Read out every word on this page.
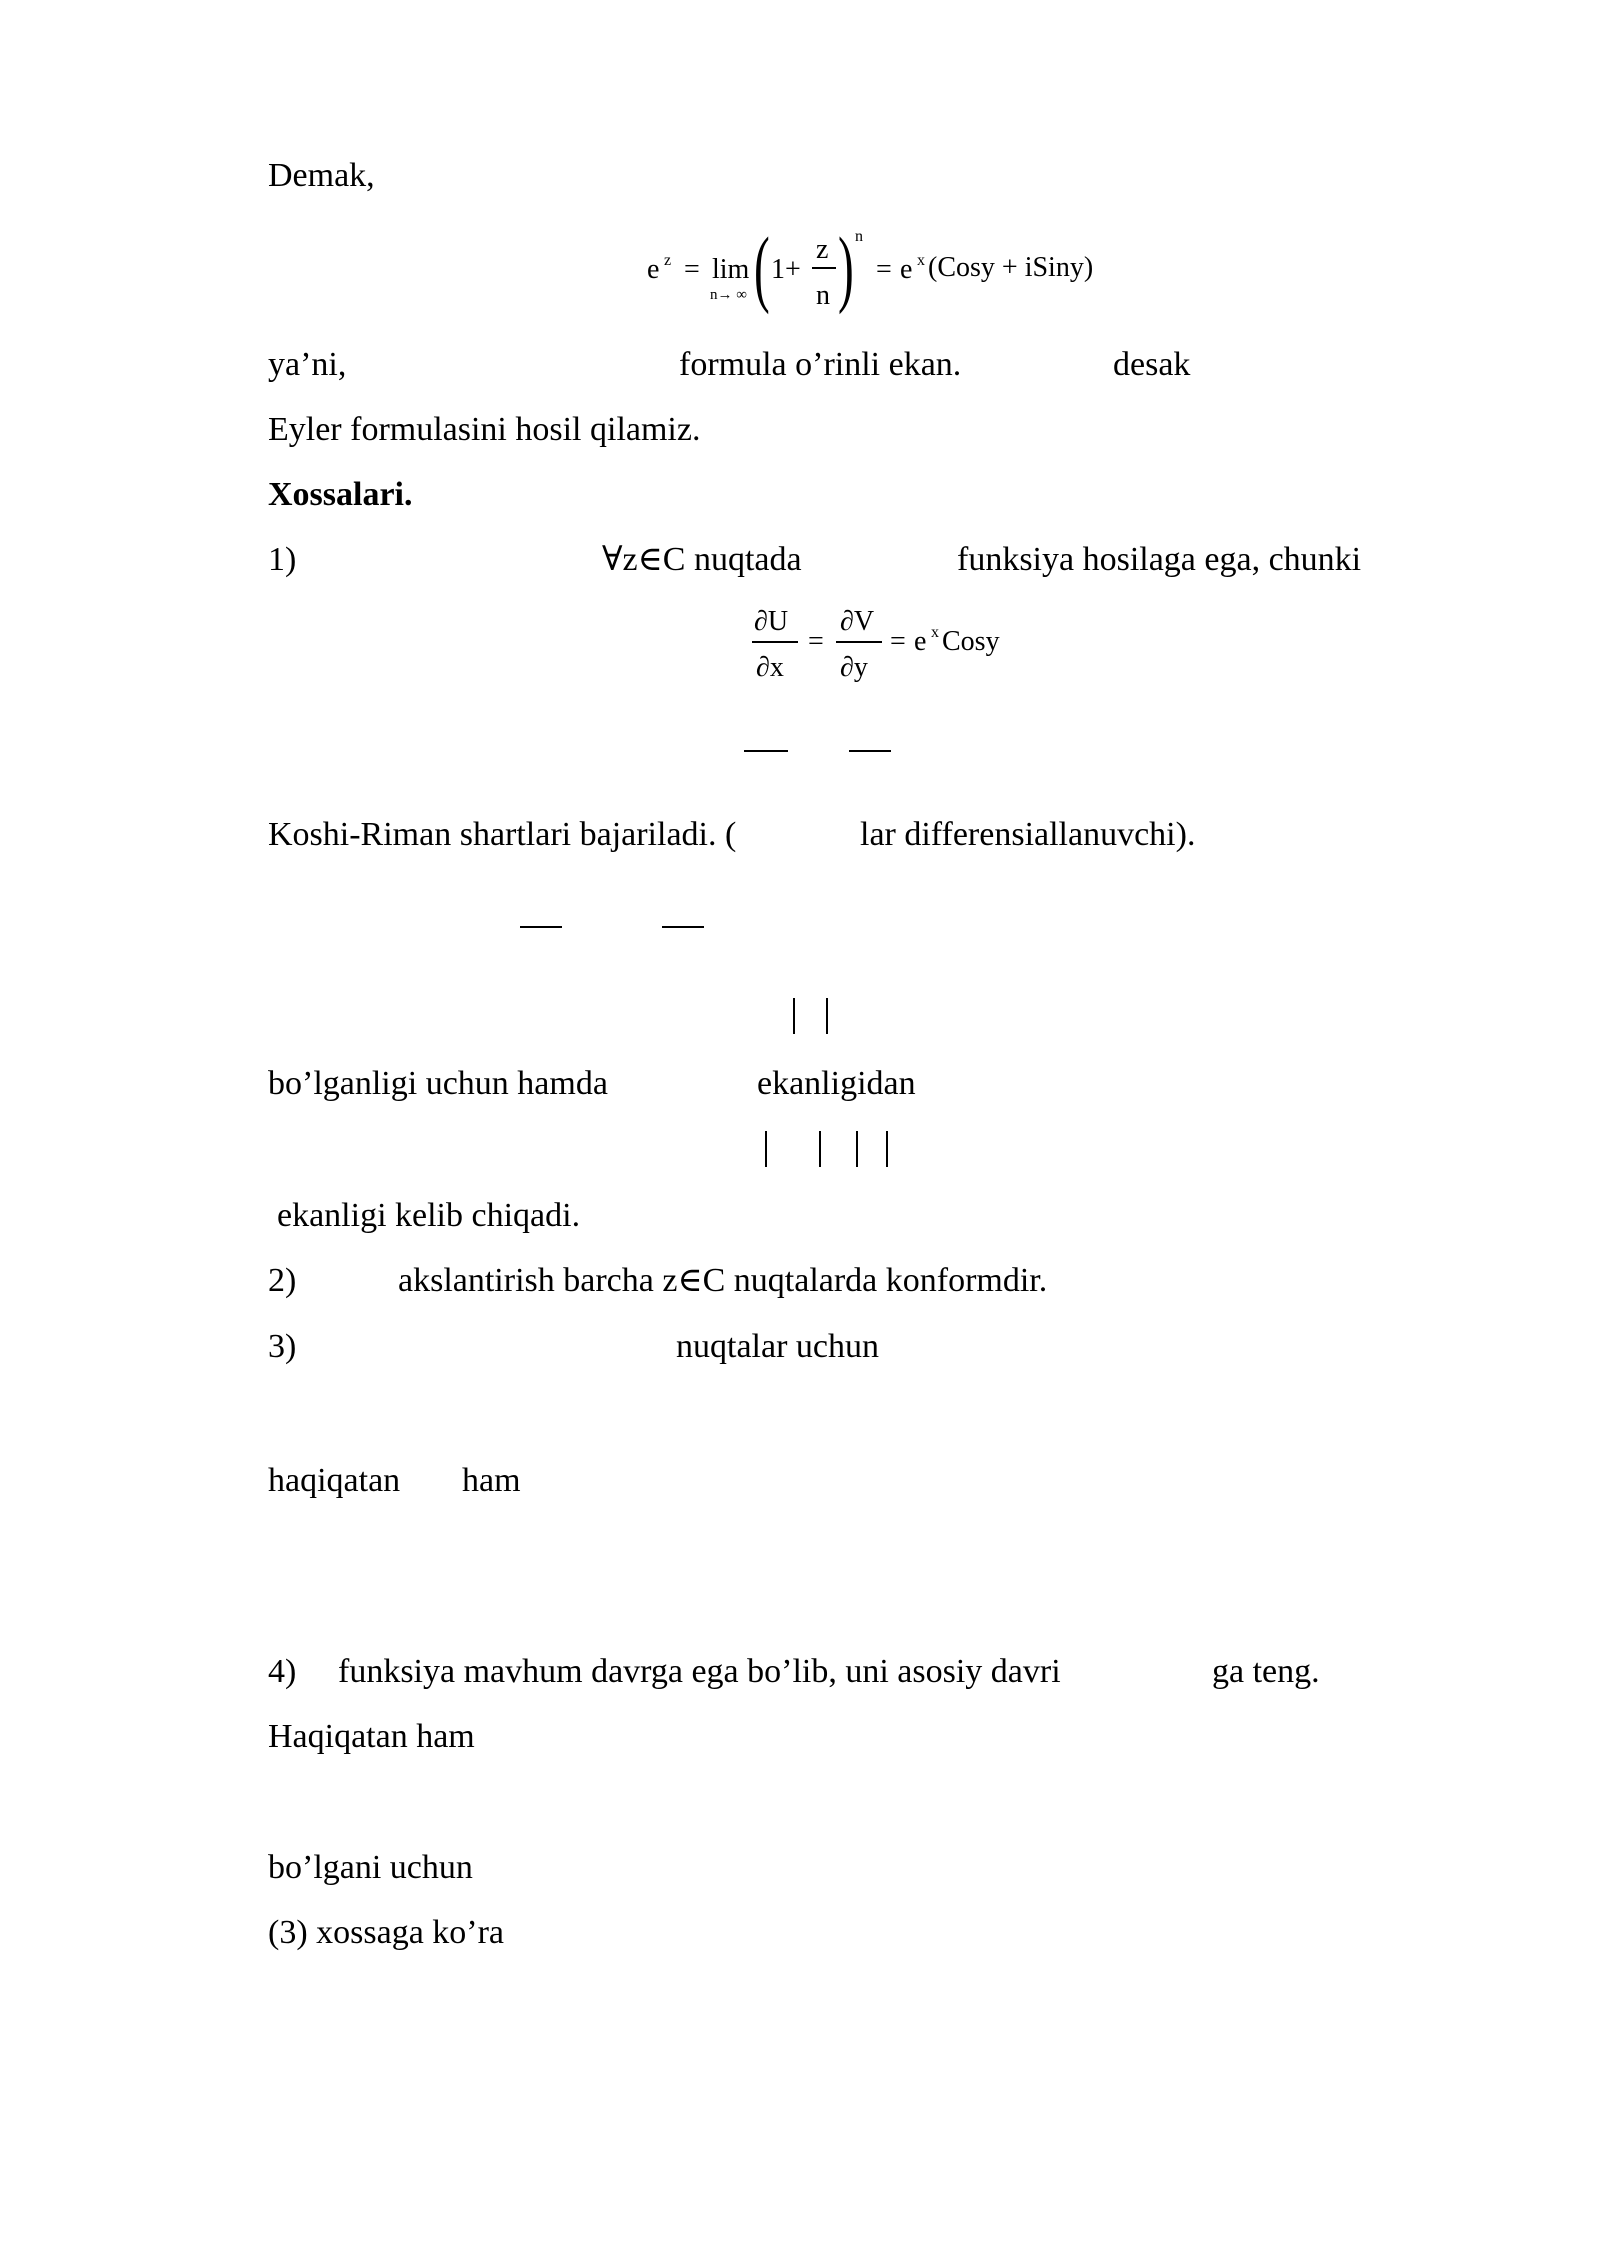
Demak,
e z = lim
n→ ∞ ( 1+
z
n ) n
= e x (Cosy + iSiny)
ya’ni,	formula o’rinli ekan.	desak
Eyler formulasini hosil qilamiz.
Xossalari.
1)	∀z∈C nuqtada	funksiya hosilaga ega, chunki
∂U
∂x
=
∂V
∂y
= e x Cosy
Koshi-Riman shartlari bajariladi. (	lar differensiallanuvchi).
bo’lganligi uchun hamda	ekanligidan
ekanligi kelib chiqadi.
2)	akslantirish barcha z∈C nuqtalarda konformdir.
3)	nuqtalar uchun
haqiqatan ham
4) funksiya mavhum davrga ega bo’lib, uni asosiy davri	ga teng.
Haqiqatan ham
bo’lgani uchun
(3) xossaga ko’ra
